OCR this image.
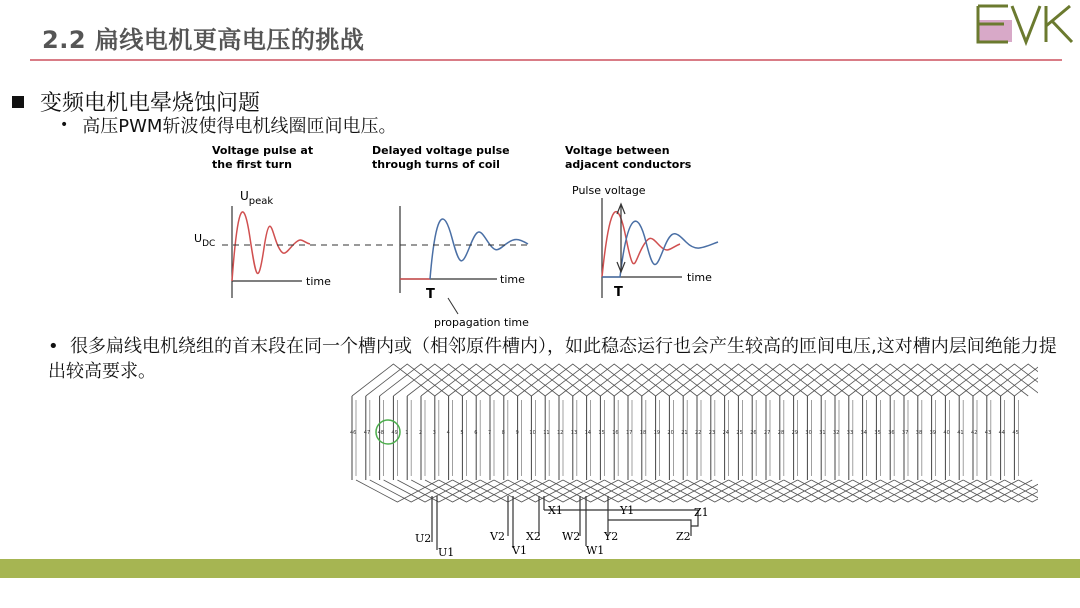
2.2 扁线电机更高电压的挑战
变频电机电晕烧蚀问题
• 高压PWM斩波使得电机线圈匝间电压。
Voltage pulse at
the first turn
Delayed voltage pulse
through turns of coil
Voltage between
adjacent conductors
$U_{peak}$
$U_{DC}$
time	time
T
propagation time
Pulse voltage
time
T
•  很多扁线电机绕组的首末段在同一个槽内或（相邻原件槽内），如此稳态运行也会产生较高的匝间电压,这对槽内层间绝能力提出较高要求。
46 47 48 49 1 2 3 4 5 6 7 8 9 10 11 12 13 14 15 16 17 18 19 20 21 22 23 24 25 26 27 28 29 30 31 32 33 34 35 36 37 38 39 40 41 42 43 44 45
U2
U1
V2
V1
X2 W2
W1
Y2	Z2
X1	Y1	Z1
